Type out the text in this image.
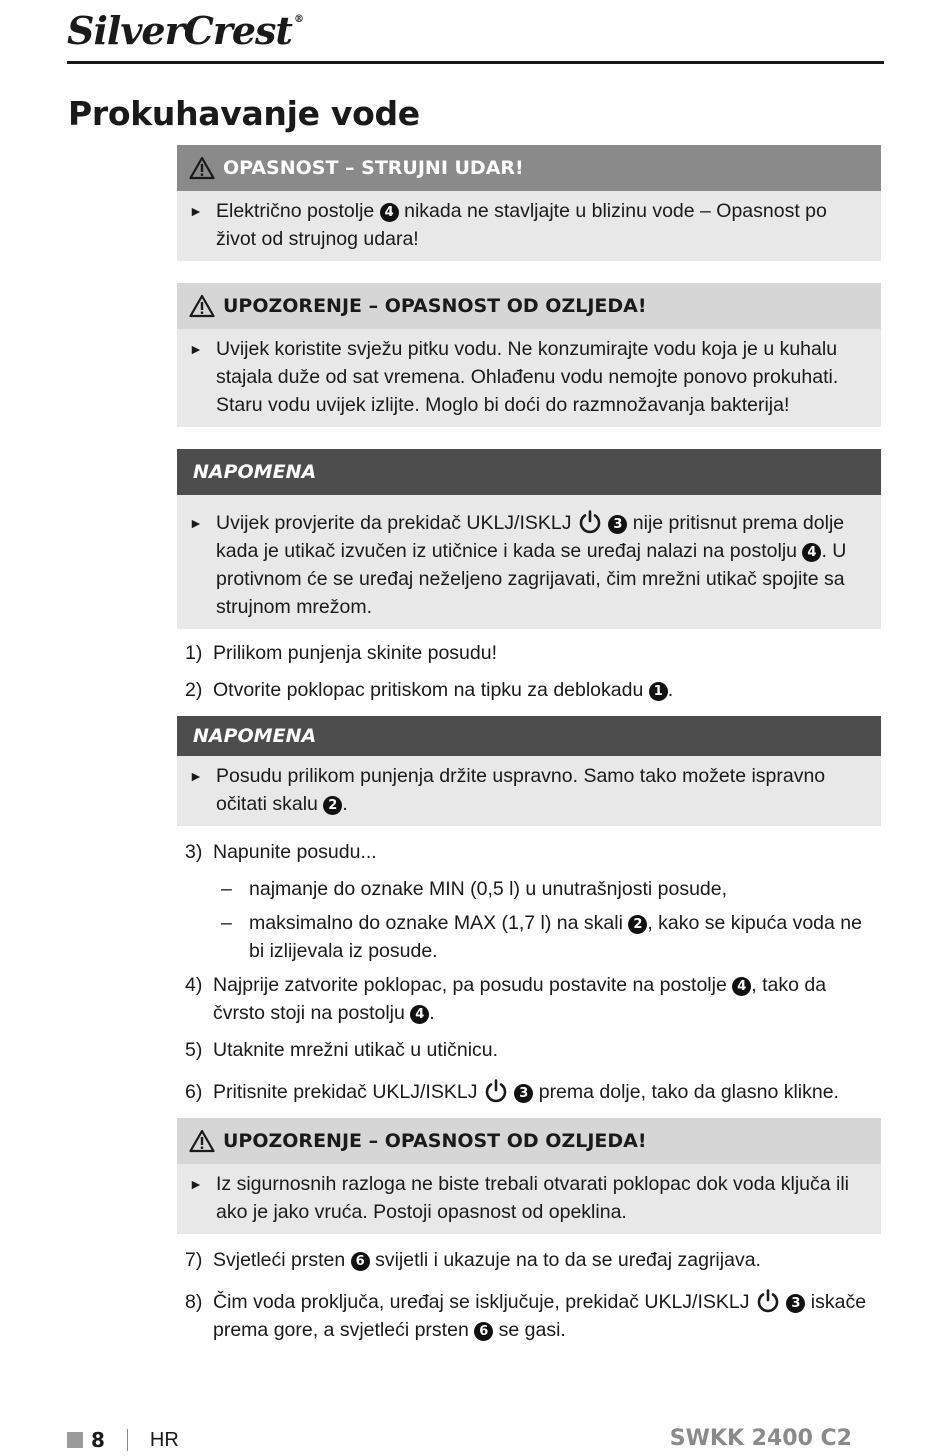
SilverCrest ®
Prokuhavanje vode
OPASNOST – STRUJNI UDAR!
► Električno postolje 4 nikada ne stavljajte u blizinu vode – Opasnost po život od strujnog udara!
UPOZORENJE – OPASNOST OD OZLJEDA!
► Uvijek koristite svježu pitku vodu. Ne konzumirajte vodu koja je u kuhalu stajala duže od sat vremena. Ohlađenu vodu nemojte ponovo prokuhati. Staru vodu uvijek izlijte. Moglo bi doći do razmnožavanja bakterija!
NAPOMENA
► Uvijek provjerite da prekidač UKLJ/ISKLJ	3 nije pritisnut prema dolje kada je utikač izvučen iz utičnice i kada se uređaj nalazi na postolju 4 . U protivnom će se uređaj neželjeno zagrijavati, čim mrežni utikač spojite sa strujnom mrežom.
1) Prilikom punjenja skinite posudu!
2) Otvorite poklopac pritiskom na tipku za deblokadu 1 .
NAPOMENA
► Posudu prilikom punjenja držite uspravno. Samo tako možete ispravno očitati skalu 2 .
3) Napunite posudu...
– najmanje do oznake MIN (0,5 l) u unutrašnjosti posude,
– maksimalno do oznake MAX (1,7 l) na skali 2 , kako se kipuća voda ne bi izlijevala iz posude.
4) Najprije zatvorite poklopac, pa posudu postavite na postolje 4 , tako da čvrsto stoji na postolju 4 .
5) Utaknite mrežni utikač u utičnicu.
6) Pritisnite prekidač UKLJ/ISKLJ	3 prema dolje, tako da glasno klikne.
UPOZORENJE – OPASNOST OD OZLJEDA!
► Iz sigurnosnih razloga ne biste trebali otvarati poklopac dok voda ključa ili ako je jako vruća. Postoji opasnost od opeklina.
7) Svjetleći prsten 6 svijetli i ukazuje na to da se uređaj zagrijava.
8) Čim voda proključa, uređaj se isključuje, prekidač UKLJ/ISKLJ	3 iskače prema gore, a svjetleći prsten 6 se gasi.
8 HR	SWKK 2400 C2
